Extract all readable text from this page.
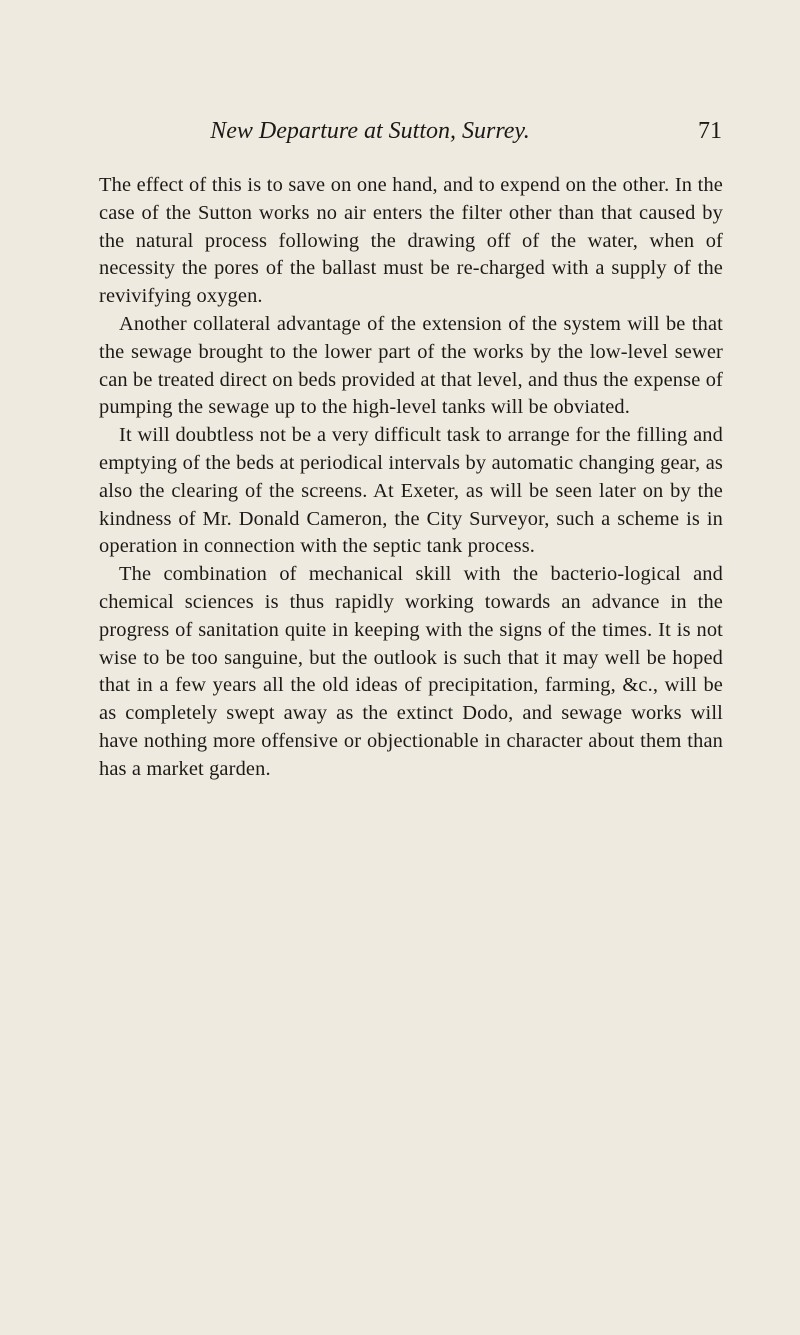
New Departure at Sutton, Surrey.	71

The effect of this is to save on one hand, and to expend on the other. In the case of the Sutton works no air enters the filter other than that caused by the natural process following the drawing off of the water, when of necessity the pores of the ballast must be re-charged with a supply of the revivifying oxygen.

Another collateral advantage of the extension of the system will be that the sewage brought to the lower part of the works by the low-level sewer can be treated direct on beds provided at that level, and thus the expense of pumping the sewage up to the high-level tanks will be obviated.

It will doubtless not be a very difficult task to arrange for the filling and emptying of the beds at periodical intervals by automatic changing gear, as also the clearing of the screens. At Exeter, as will be seen later on by the kindness of Mr. Donald Cameron, the City Surveyor, such a scheme is in operation in connection with the septic tank process.

The combination of mechanical skill with the bacterio-logical and chemical sciences is thus rapidly working towards an advance in the progress of sanitation quite in keeping with the signs of the times. It is not wise to be too sanguine, but the outlook is such that it may well be hoped that in a few years all the old ideas of precipitation, farming, &c., will be as completely swept away as the extinct Dodo, and sewage works will have nothing more offensive or objectionable in character about them than has a market garden.
